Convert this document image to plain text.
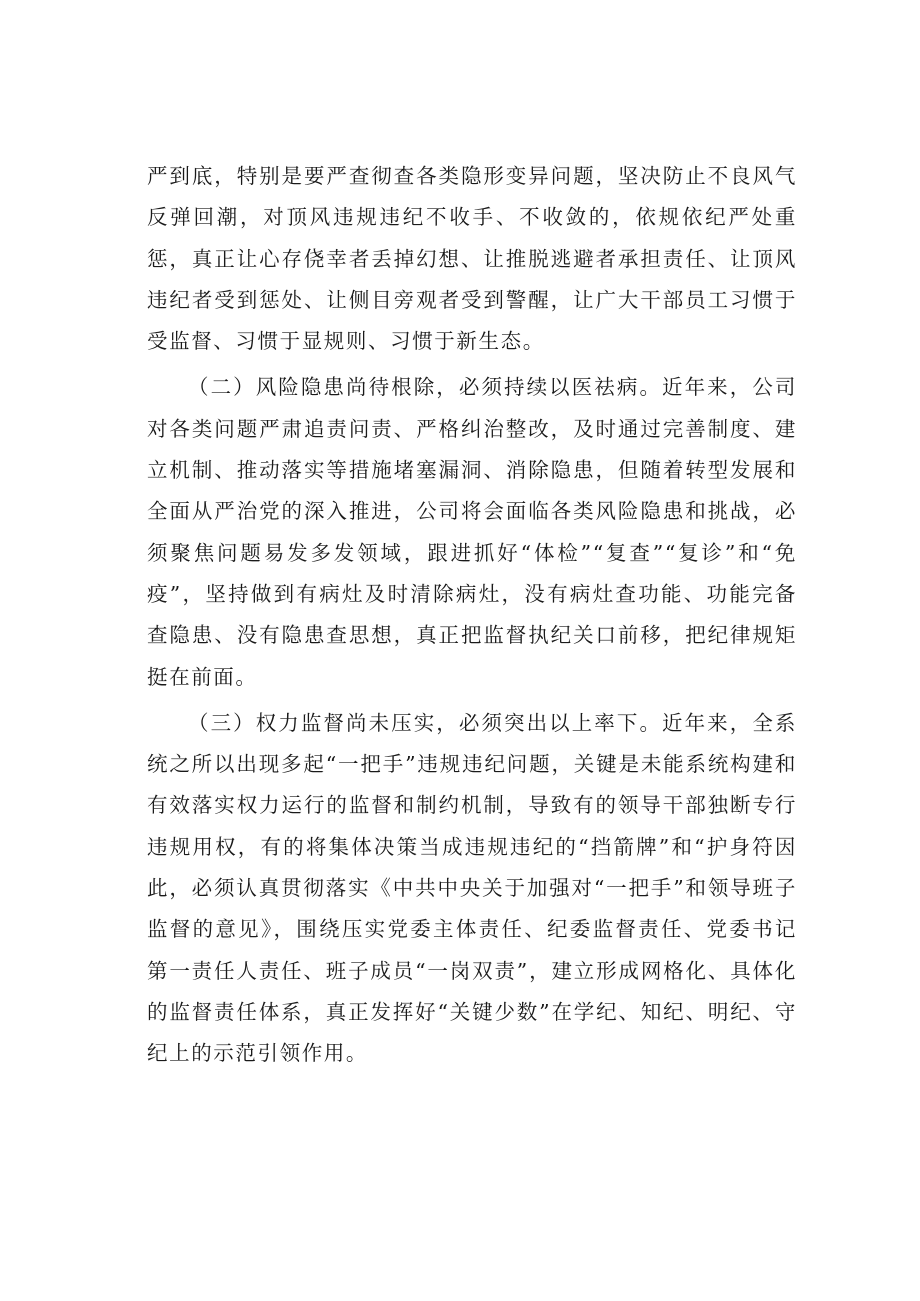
严到底，特别是要严查彻查各类隐形变异问题，坚决防止不良风气反弹回潮，对顶风违规违纪不收手、不收敛的，依规依纪严处重惩，真正让心存侥幸者丢掉幻想、让推脱逃避者承担责任、让顶风违纪者受到惩处、让侧目旁观者受到警醒，让广大干部员工习惯于受监督、习惯于显规则、习惯于新生态。

（二）风险隐患尚待根除，必须持续以医祛病。近年来，公司对各类问题严肃追责问责、严格纠治整改，及时通过完善制度、建立机制、推动落实等措施堵塞漏洞、消除隐患，但随着转型发展和全面从严治党的深入推进，公司将会面临各类风险隐患和挑战，必须聚焦问题易发多发领域，跟进抓好“体检”“复查”“复诊”和“免疫”，坚持做到有病灶及时清除病灶，没有病灶查功能、功能完备查隐患、没有隐患查思想，真正把监督执纪关口前移，把纪律规矩挺在前面。

（三）权力监督尚未压实，必须突出以上率下。近年来，全系统之所以出现多起“一把手”违规违纪问题，关键是未能系统构建和有效落实权力运行的监督和制约机制，导致有的领导干部独断专行违规用权，有的将集体决策当成违规违纪的“挡箭牌”和“护身符因此，必须认真贯彻落实《中共中央关于加强对“一把手”和领导班子监督的意见》，围绕压实党委主体责任、纪委监督责任、党委书记第一责任人责任、班子成员“一岗双责”，建立形成网格化、具体化的监督责任体系，真正发挥好“关键少数”在学纪、知纪、明纪、守纪上的示范引领作用。
